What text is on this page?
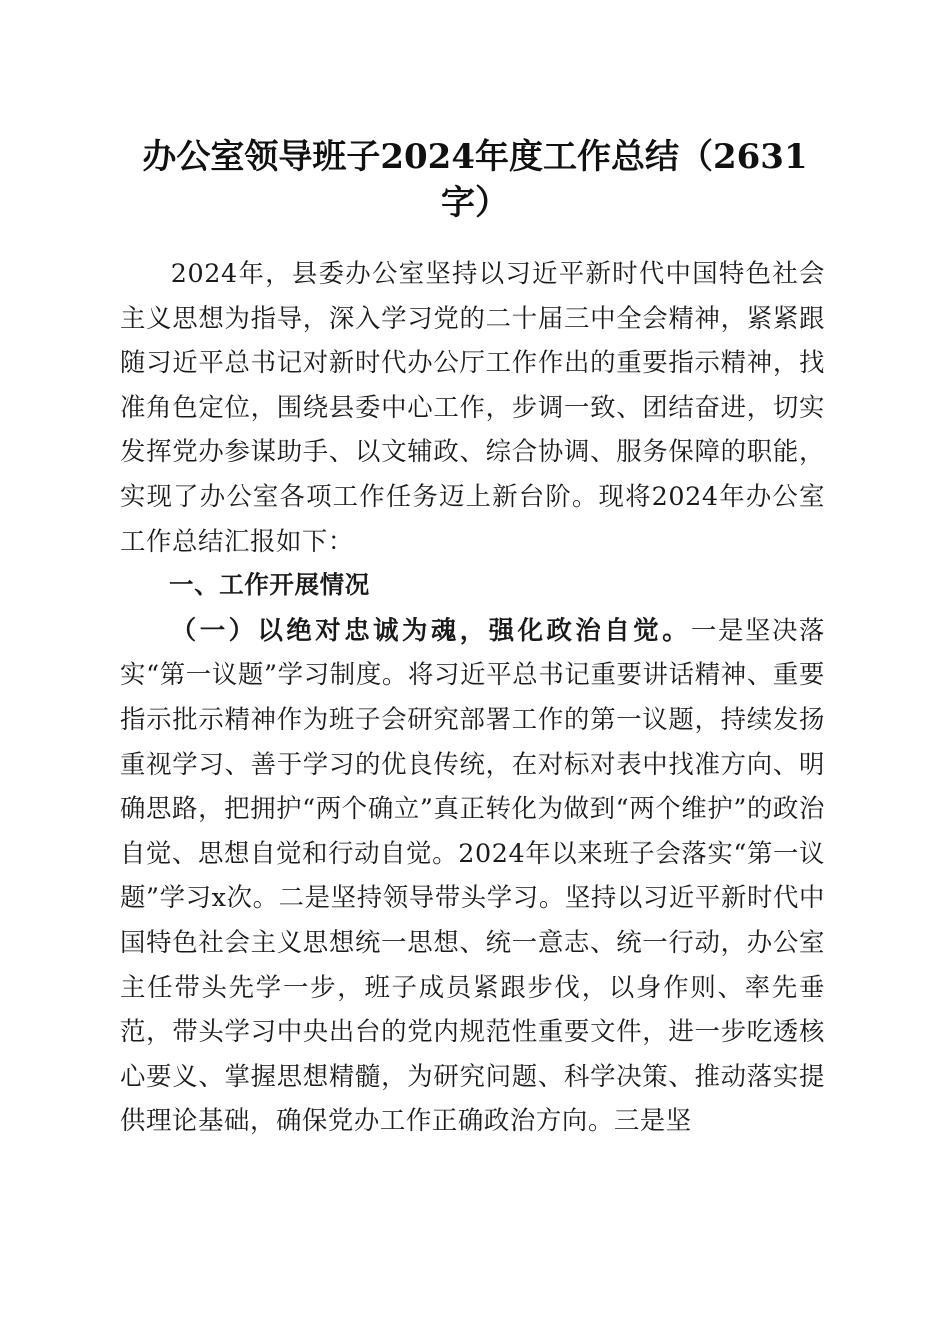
办公室领导班子2024年度工作总结（2631字）

2024年，县委办公室坚持以习近平新时代中国特色社会主义思想为指导，深入学习党的二十届三中全会精神，紧紧跟随习近平总书记对新时代办公厅工作作出的重要指示精神，找准角色定位，围绕县委中心工作，步调一致、团结奋进，切实发挥党办参谋助手、以文辅政、综合协调、服务保障的职能，实现了办公室各项工作任务迈上新台阶。现将2024年办公室工作总结汇报如下：

一、工作开展情况

（一）以绝对忠诚为魂，强化政治自觉。一是坚决落实“第一议题”学习制度。将习近平总书记重要讲话精神、重要指示批示精神作为班子会研究部署工作的第一议题，持续发扬重视学习、善于学习的优良传统，在对标对表中找准方向、明确思路，把拥护“两个确立”真正转化为做到“两个维护”的政治自觉、思想自觉和行动自觉。2024年以来班子会落实“第一议题”学习x次。二是坚持领导带头学习。坚持以习近平新时代中国特色社会主义思想统一思想、统一意志、统一行动，办公室主任带头先学一步，班子成员紧跟步伐，以身作则、率先垂范，带头学习中央出台的党内规范性重要文件，进一步吃透核心要义、掌握思想精髓，为研究问题、科学决策、推动落实提供理论基础，确保党办工作正确政治方向。三是坚
